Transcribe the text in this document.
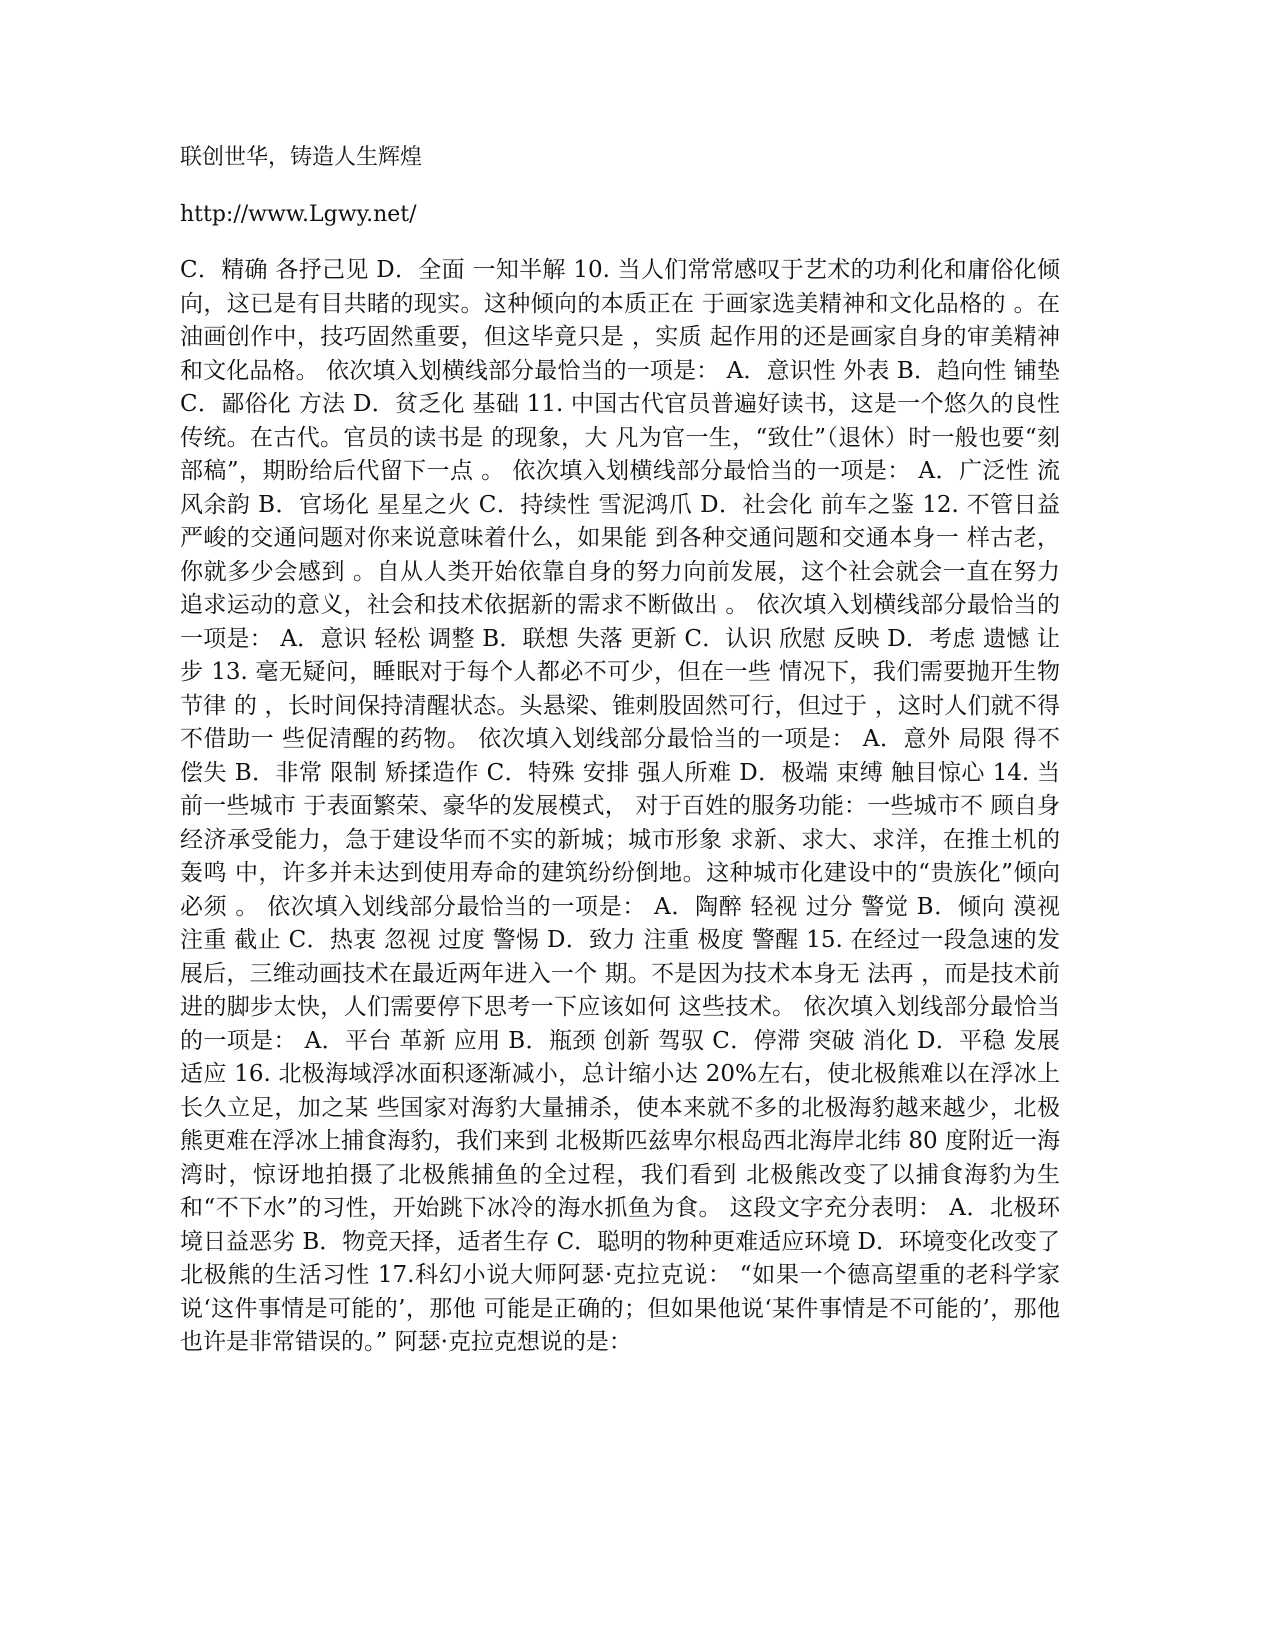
联创世华，铸造人生辉煌
http://www.Lgwy.net/
C．精确 各抒己见 D．全面 一知半解 10. 当人们常常感叹于艺术的功利化和庸俗化倾向，这已是有目共睹的现实。这种倾向的本质正在 于画家选美精神和文化品格的 。在油画创作中，技巧固然重要，但这毕竟只是 ，实质 起作用的还是画家自身的审美精神和文化品格。 依次填入划横线部分最恰当的一项是： A．意识性 外表 B．趋向性 铺垫 C．鄙俗化 方法 D．贫乏化 基础 11. 中国古代官员普遍好读书，这是一个悠久的良性传统。在古代。官员的读书是 的现象，大 凡为官一生，“致仕”（退休）时一般也要“刻部稿”，期盼给后代留下一点 。 依次填入划横线部分最恰当的一项是： A．广泛性 流风余韵 B．官场化 星星之火 C．持续性 雪泥鸿爪 D．社会化 前车之鉴 12. 不管日益严峻的交通问题对你来说意味着什么，如果能 到各种交通问题和交通本身一 样古老，你就多少会感到 。自从人类开始依靠自身的努力向前发展，这个社会就会一直在努力 追求运动的意义，社会和技术依据新的需求不断做出 。 依次填入划横线部分最恰当的一项是： A．意识 轻松 调整 B．联想 失落 更新 C．认识 欣慰 反映 D．考虑 遗憾 让步 13. 毫无疑问，睡眠对于每个人都必不可少，但在一些 情况下，我们需要抛开生物节律 的 ，长时间保持清醒状态。头悬梁、锥刺股固然可行，但过于 ，这时人们就不得不借助一 些促清醒的药物。 依次填入划线部分最恰当的一项是： A．意外 局限 得不偿失 B．非常 限制 矫揉造作 C．特殊 安排 强人所难 D．极端 束缚 触目惊心 14. 当前一些城市 于表面繁荣、豪华的发展模式， 对于百姓的服务功能：一些城市不 顾自身经济承受能力，急于建设华而不实的新城；城市形象 求新、求大、求洋，在推土机的轰鸣 中，许多并未达到使用寿命的建筑纷纷倒地。这种城市化建设中的“贵族化”倾向必须 。 依次填入划线部分最恰当的一项是： A．陶醉 轻视 过分 警觉 B．倾向 漠视 注重 截止 C．热衷 忽视 过度 警惕 D．致力 注重 极度 警醒 15. 在经过一段急速的发展后，三维动画技术在最近两年进入一个 期。不是因为技术本身无 法再 ，而是技术前进的脚步太快，人们需要停下思考一下应该如何 这些技术。 依次填入划线部分最恰当的一项是： A．平台 革新 应用 B．瓶颈 创新 驾驭 C．停滞 突破 消化 D．平稳 发展 适应 16. 北极海域浮冰面积逐渐减小，总计缩小达 20%左右，使北极熊难以在浮冰上长久立足，加之某 些国家对海豹大量捕杀，使本来就不多的北极海豹越来越少，北极熊更难在浮冰上捕食海豹，我们来到 北极斯匹兹卑尔根岛西北海岸北纬 80 度附近一海湾时，惊讶地拍摄了北极熊捕鱼的全过程，我们看到 北极熊改变了以捕食海豹为生和“不下水”的习性，开始跳下冰冷的海水抓鱼为食。 这段文字充分表明： A．北极环境日益恶劣 B．物竞天择，适者生存 C．聪明的物种更难适应环境 D．环境变化改变了北极熊的生活习性 17.科幻小说大师阿瑟·克拉克说： “如果一个德高望重的老科学家说‘这件事情是可能的’，那他 可能是正确的；但如果他说‘某件事情是不可能的’，那他也许是非常错误的。” 阿瑟·克拉克想说的是：
